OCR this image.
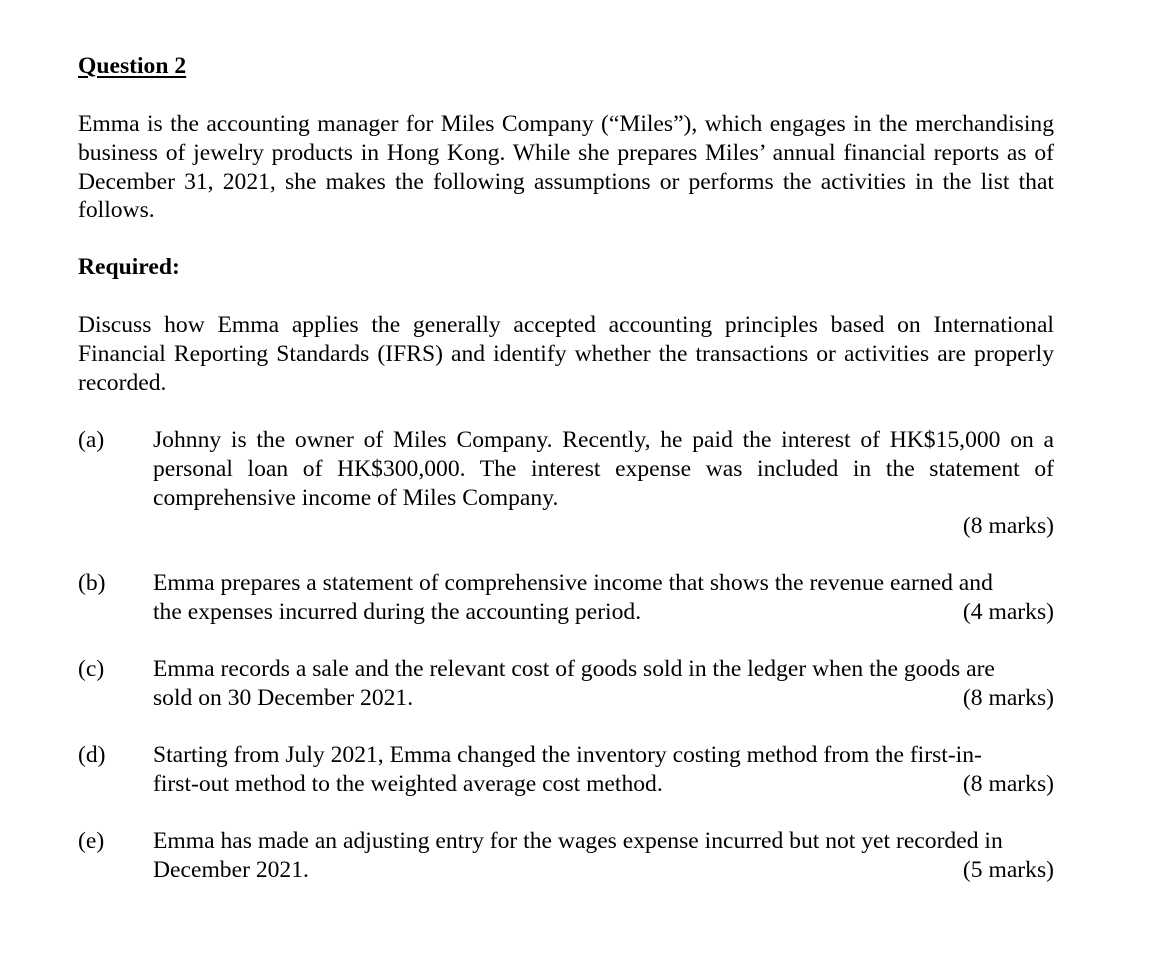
Question 2
Emma is the accounting manager for Miles Company (“Miles”), which engages in the merchandising business of jewelry products in Hong Kong. While she prepares Miles’ annual financial reports as of December 31, 2021, she makes the following assumptions or performs the activities in the list that follows.
Required:
Discuss how Emma applies the generally accepted accounting principles based on International Financial Reporting Standards (IFRS) and identify whether the transactions or activities are properly recorded.
(a) Johnny is the owner of Miles Company. Recently, he paid the interest of HK$15,000 on a personal loan of HK$300,000. The interest expense was included in the statement of comprehensive income of Miles Company.
(8 marks)
(b) Emma prepares a statement of comprehensive income that shows the revenue earned and
(4 marks)
the expenses incurred during the accounting period.
(c) Emma records a sale and the relevant cost of goods sold in the ledger when the goods are
(8 marks)
sold on 30 December 2021.
(d) Starting from July 2021, Emma changed the inventory costing method from the first-in-
(8 marks)
first-out method to the weighted average cost method.
(e) Emma has made an adjusting entry for the wages expense incurred but not yet recorded in
(5 marks)
December 2021.
